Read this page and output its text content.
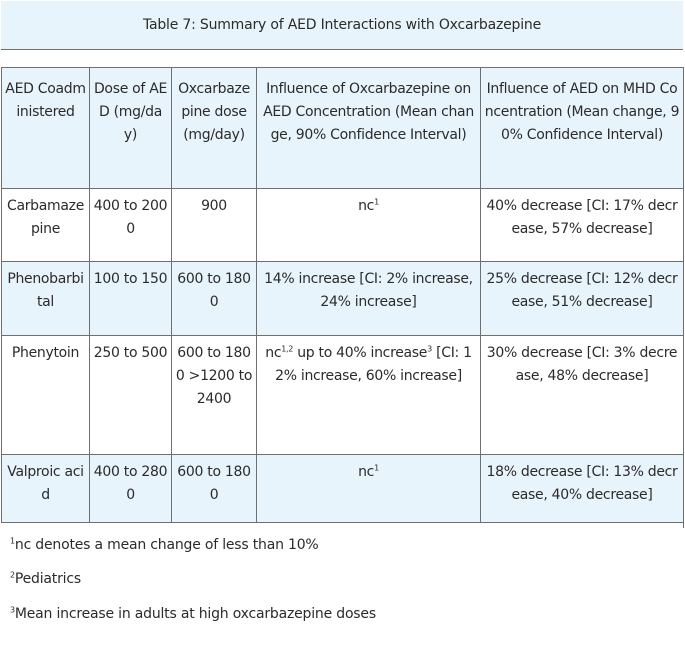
Table 7: Summary of AED Interactions with Oxcarbazepine
AED Coadministered	Dose of AED (mg/day)	Oxcarbazepine dose (mg/day)	Influence of Oxcarbazepine on AED Concentration (Mean change, 90% Confidence Interval)	Influence of AED on MHD Concentration (Mean change, 90% Confidence Interval)
Carbamazepine	400 to 2000	900	$nc^1$	40% decrease [CI: 17% decrease, 57% decrease]
Phenobarbital	100 to 150	600 to 1800	14% increase [CI: 2% increase, 24% increase]	25% decrease [CI: 12% decrease, 51% decrease]
Phenytoin	250 to 500	600 to 1800 >1200 to 2400	nc$^{1,2}$ up to 40% increase$^3$ [CI: 12% increase, 60% increase]	30% decrease [CI: 3% decrease, 48% decrease]
Valproic acid	400 to 2800	600 to 1800	$nc^1$	18% decrease [CI: 13% decrease, 40% decrease]
$^1$nc denotes a mean change of less than 10%
$^2$Pediatrics
$^3$Mean increase in adults at high oxcarbazepine doses
